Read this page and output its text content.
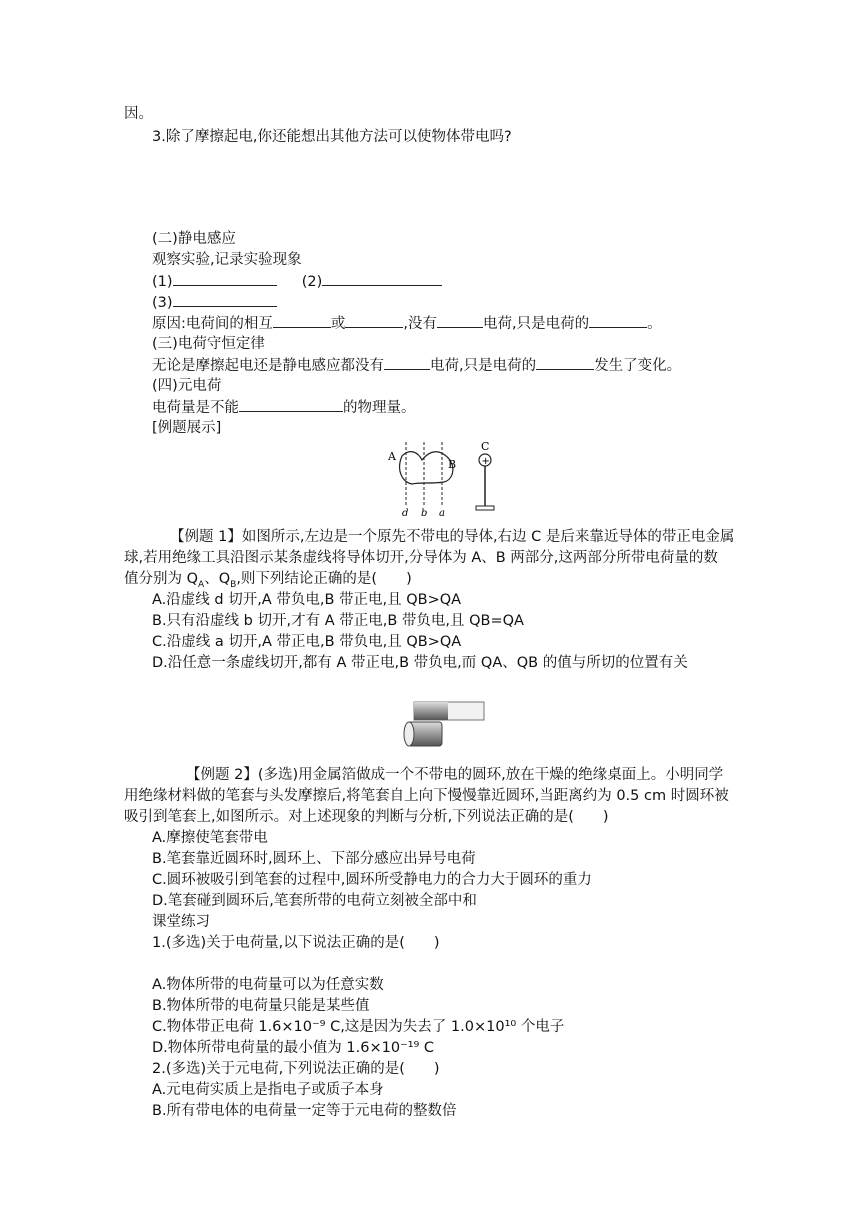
因。
3.除了摩擦起电,你还能想出其他方法可以使物体带电吗?
(二)静电感应
观察实验,记录实验现象
(1)	(2)
(3)
原因:电荷间的相互	或	,没有	电荷,只是电荷的	。
(三)电荷守恒定律
无论是摩擦起电还是静电感应都没有	电荷,只是电荷的	发生了变化。
(四)元电荷
电荷量是不能	的物理量。
[例题展示]
A
B
d b a
C
+
【例题 1】如图所示,左边是一个原先不带电的导体,右边 C 是后来靠近导体的带正电金属
球,若用绝缘工具沿图示某条虚线将导体切开,分导体为 A、B 两部分,这两部分所带电荷量的数
值分别为 $Q_A$、$Q_B$,则下列结论正确的是(　　)
A.沿虚线 d 切开,A 带负电,B 带正电,且 QB>QA
B.只有沿虚线 b 切开,才有 A 带正电,B 带负电,且 QB=QA
C.沿虚线 a 切开,A 带正电,B 带负电,且 QB>QA
D.沿任意一条虚线切开,都有 A 带正电,B 带负电,而 QA、QB 的值与所切的位置有关
【例题 2】(多选)用金属箔做成一个不带电的圆环,放在干燥的绝缘桌面上。小明同学
用绝缘材料做的笔套与头发摩擦后,将笔套自上向下慢慢靠近圆环,当距离约为 0.5 cm 时圆环被
吸引到笔套上,如图所示。对上述现象的判断与分析,下列说法正确的是(　　)
A.摩擦使笔套带电
B.笔套靠近圆环时,圆环上、下部分感应出异号电荷
C.圆环被吸引到笔套的过程中,圆环所受静电力的合力大于圆环的重力
D.笔套碰到圆环后,笔套所带的电荷立刻被全部中和
课堂练习
1.(多选)关于电荷量,以下说法正确的是(　　)
A.物体所带的电荷量可以为任意实数
B.物体所带的电荷量只能是某些值
C.物体带正电荷 1.6×10⁻⁹ C,这是因为失去了 1.0×10¹⁰ 个电子
D.物体所带电荷量的最小值为 1.6×10⁻¹⁹ C
2.(多选)关于元电荷,下列说法正确的是(　　)
A.元电荷实质上是指电子或质子本身
B.所有带电体的电荷量一定等于元电荷的整数倍
